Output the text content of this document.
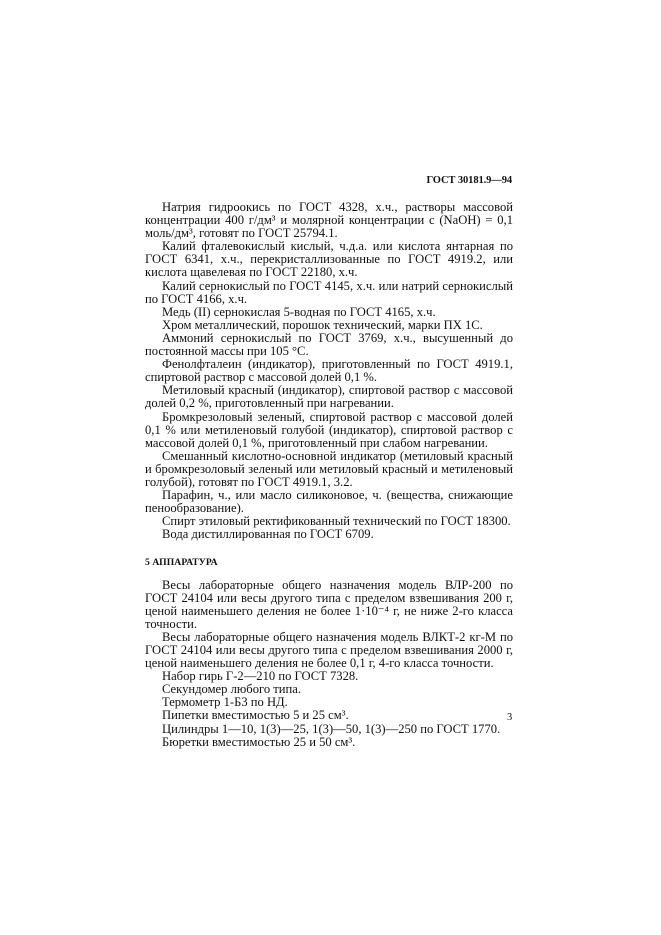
ГОСТ 30181.9—94

Натрия гидроокись по ГОСТ 4328, х.ч., растворы массовой концентрации 400 г/дм³ и молярной концентрации c (NaOH) = 0,1 моль/дм³, готовят по ГОСТ 25794.1.

Калий фталевокислый кислый, ч.д.а. или кислота янтарная по ГОСТ 6341, х.ч., перекристаллизованные по ГОСТ 4919.2, или кислота щавелевая по ГОСТ 22180, х.ч.

Калий сернокислый по ГОСТ 4145, х.ч. или натрий сернокислый по ГОСТ 4166, х.ч.

Медь (II) сернокислая 5-водная по ГОСТ 4165, х.ч.

Хром металлический, порошок технический, марки ПХ 1С.

Аммоний сернокислый по ГОСТ 3769, х.ч., высушенный до постоянной массы при 105 °С.

Фенолфталеин (индикатор), приготовленный по ГОСТ 4919.1, спиртовой раствор с массовой долей 0,1 %.

Метиловый красный (индикатор), спиртовой раствор с массовой долей 0,2 %, приготовленный при нагревании.

Бромкрезоловый зеленый, спиртовой раствор с массовой долей 0,1 % или метиленовый голубой (индикатор), спиртовой раствор с массовой долей 0,1 %, приготовленный при слабом нагревании.

Смешанный кислотно-основной индикатор (метиловый красный и бромкрезоловый зеленый или метиловый красный и метиленовый голубой), готовят по ГОСТ 4919.1, 3.2.

Парафин, ч., или масло силиконовое, ч. (вещества, снижающие пенообразование).

Спирт этиловый ректификованный технический по ГОСТ 18300.

Вода дистиллированная по ГОСТ 6709.

5 АППАРАТУРА

Весы лабораторные общего назначения модель ВЛР-200 по ГОСТ 24104 или весы другого типа с пределом взвешивания 200 г, ценой наименьшего деления не более 1·10⁻⁴ г, не ниже 2-го класса точности.

Весы лабораторные общего назначения модель ВЛКТ-2 кг-М по ГОСТ 24104 или весы другого типа с пределом взвешивания 2000 г, ценой наименьшего деления не более 0,1 г, 4-го класса точности.

Набор гирь Г-2—210 по ГОСТ 7328.

Секундомер любого типа.

Термометр 1-Б3 по НД.

Пипетки вместимостью 5 и 25 см³.

Цилиндры 1—10, 1(3)—25, 1(3)—50, 1(3)—250 по ГОСТ 1770.

Бюретки вместимостью 25 и 50 см³.

3
